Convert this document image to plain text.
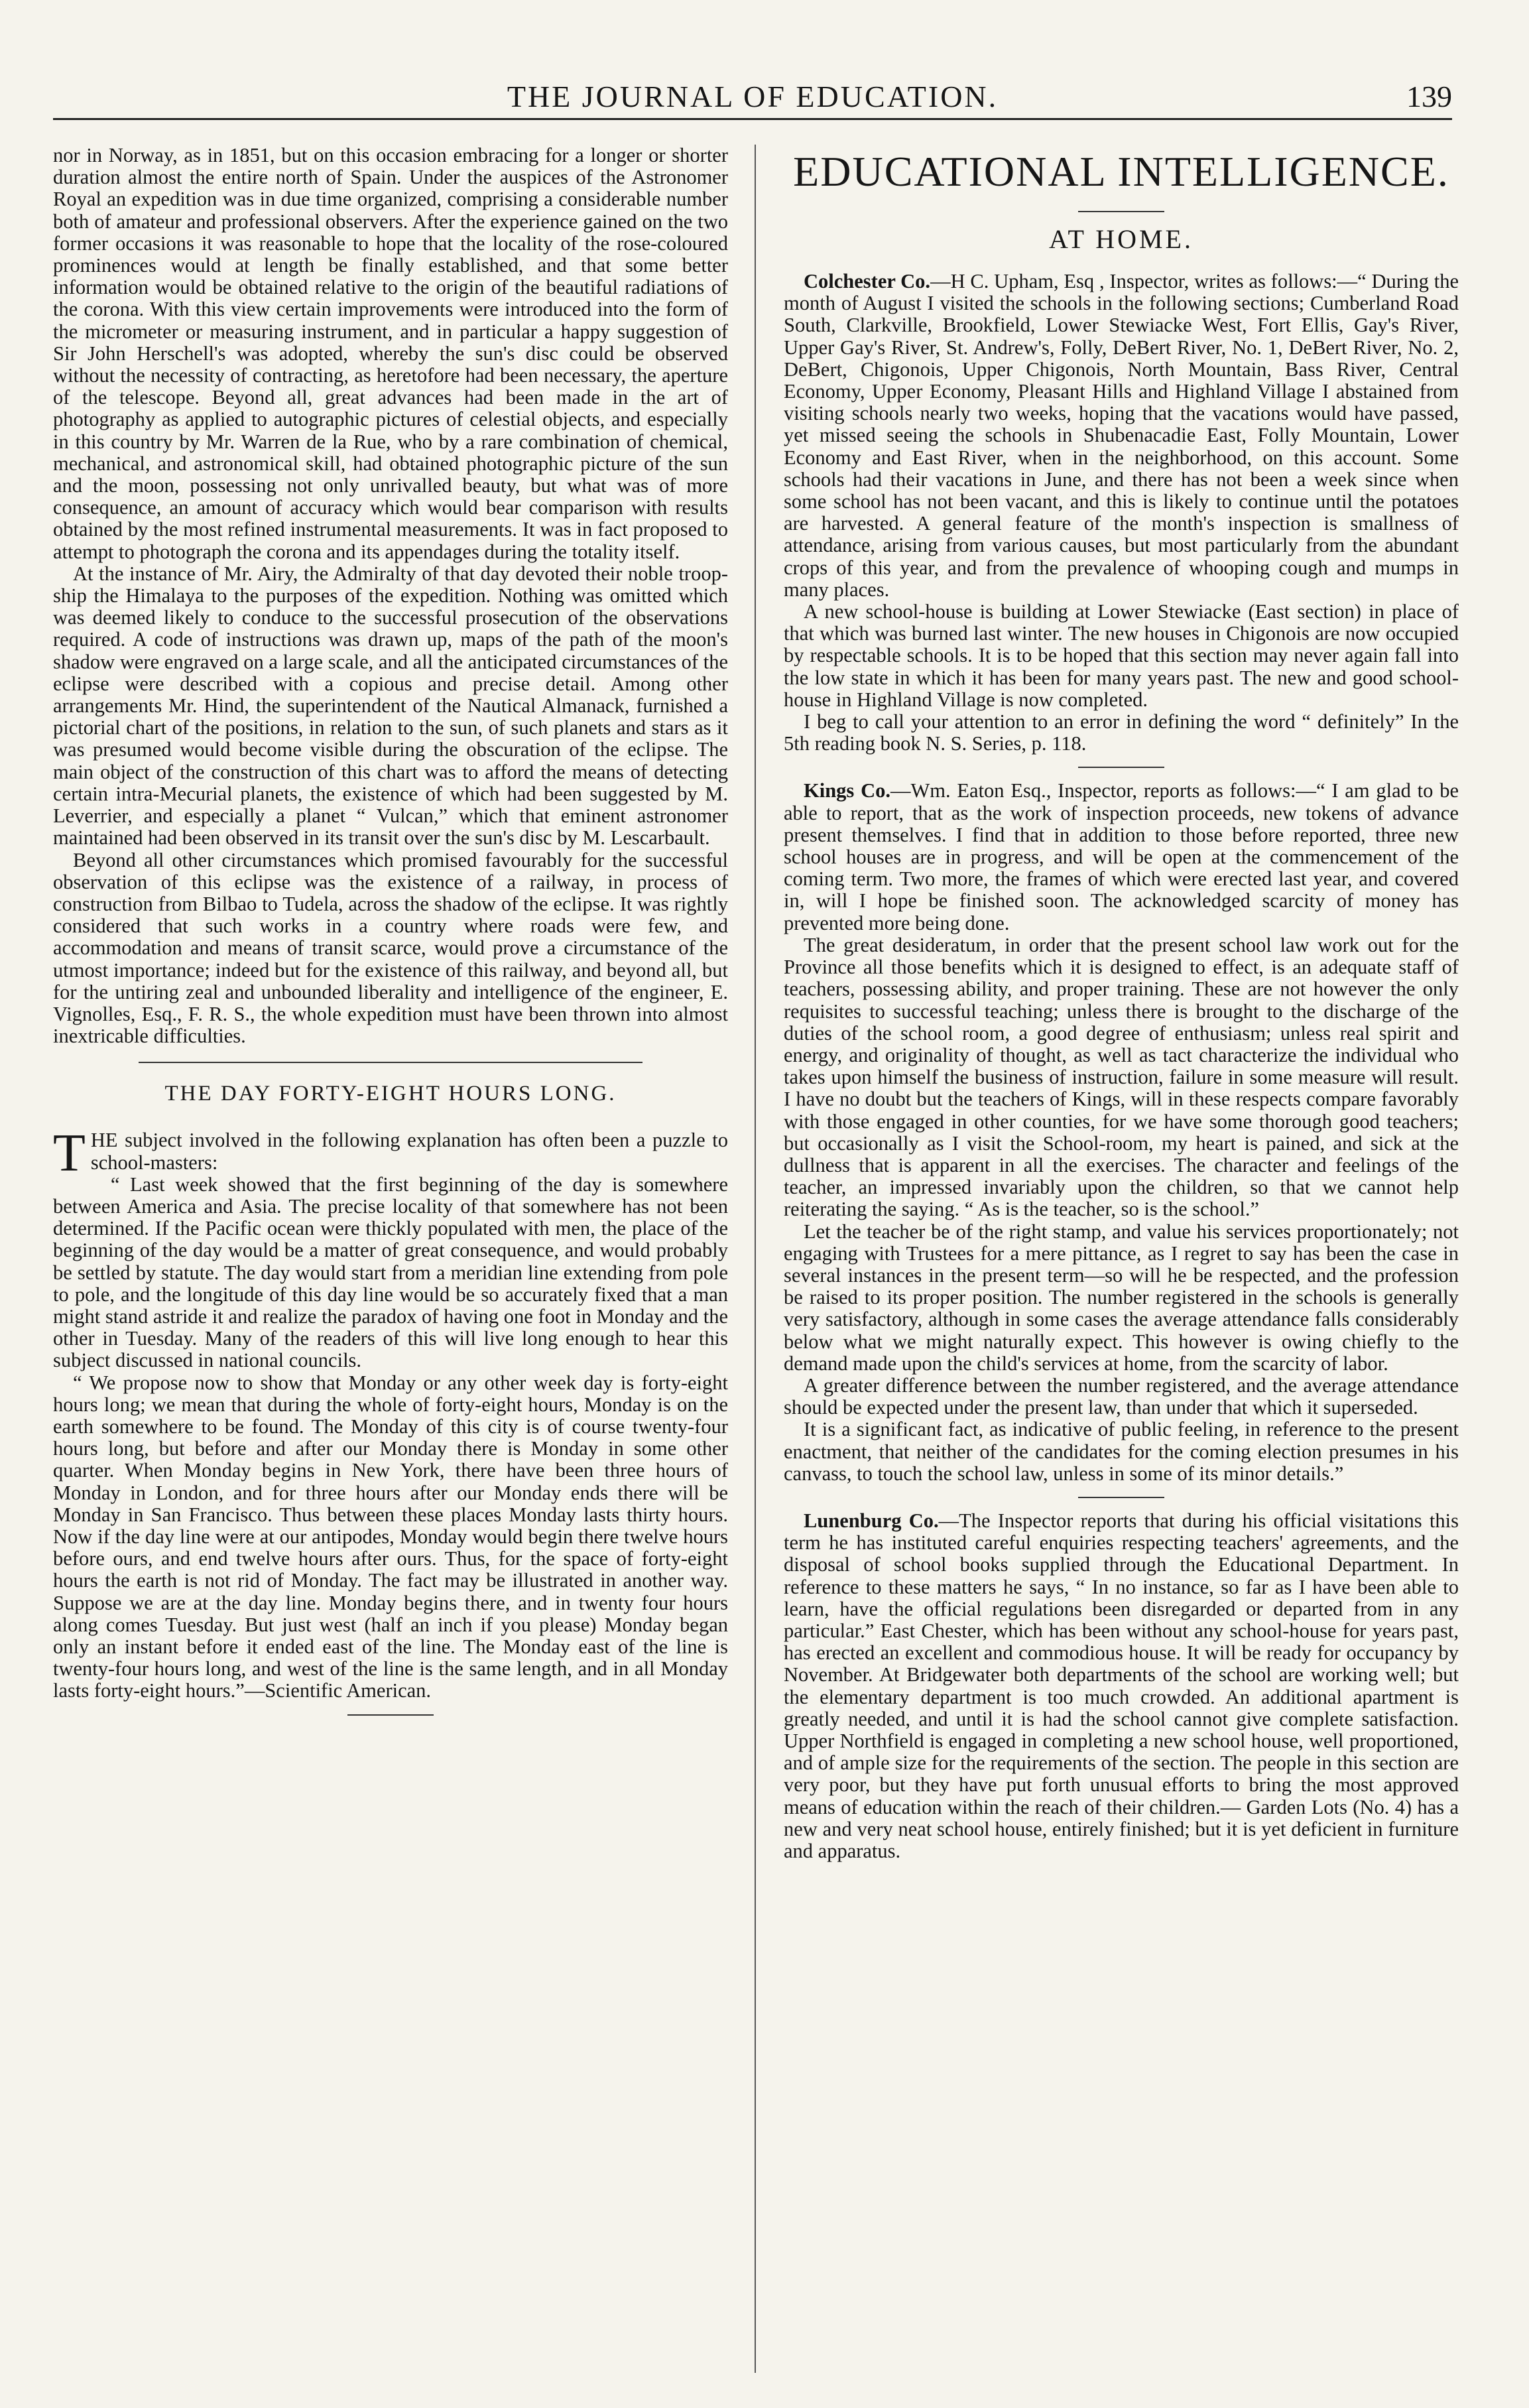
THE JOURNAL OF EDUCATION.	139

nor in Norway, as in 1851, but on this occasion embracing for a longer or shorter duration almost the entire north of Spain. Under the auspices of the Astronomer Royal an expedition was in due time organized, comprising a considerable number both of amateur and professional observers. After the experience gained on the two former occasions it was reasonable to hope that the locality of the rose-coloured prominences would at length be finally established, and that some better information would be obtained relative to the origin of the beautiful radiations of the corona. With this view certain improvements were introduced into the form of the micrometer or measuring instrument, and in particular a happy suggestion of Sir John Herschell's was adopted, whereby the sun's disc could be observed without the necessity of contracting, as heretofore had been necessary, the aperture of the telescope. Beyond all, great advances had been made in the art of photography as applied to autographic pictures of celestial objects, and especially in this country by Mr. Warren de la Rue, who by a rare combination of chemical, mechanical, and astronomical skill, had obtained photographic picture of the sun and the moon, possessing not only unrivalled beauty, but what was of more consequence, an amount of accuracy which would bear comparison with results obtained by the most refined instrumental measurements. It was in fact proposed to attempt to photograph the corona and its appendages during the totality itself.

At the instance of Mr. Airy, the Admiralty of that day devoted their noble troop-ship the Himalaya to the purposes of the expedition. Nothing was omitted which was deemed likely to conduce to the successful prosecution of the observations required. A code of instructions was drawn up, maps of the path of the moon's shadow were engraved on a large scale, and all the anticipated circumstances of the eclipse were described with a copious and precise detail. Among other arrangements Mr. Hind, the superintendent of the Nautical Almanack, furnished a pictorial chart of the positions, in relation to the sun, of such planets and stars as it was presumed would become visible during the obscuration of the eclipse. The main object of the construction of this chart was to afford the means of detecting certain intra-Mecurial planets, the existence of which had been suggested by M. Leverrier, and especially a planet “ Vulcan,” which that eminent astronomer maintained had been observed in its transit over the sun's disc by M. Lescarbault.

Beyond all other circumstances which promised favourably for the successful observation of this eclipse was the existence of a railway, in process of construction from Bilbao to Tudela, across the shadow of the eclipse. It was rightly considered that such works in a country where roads were few, and accommodation and means of transit scarce, would prove a circumstance of the utmost importance; indeed but for the existence of this railway, and beyond all, but for the untiring zeal and unbounded liberality and intelligence of the engineer, E. Vignolles, Esq., F. R. S., the whole expedition must have been thrown into almost inextricable difficulties.

THE DAY FORTY-EIGHT HOURS LONG.

THE subject involved in the following explanation has often been a puzzle to school-masters:

“ Last week showed that the first beginning of the day is somewhere between America and Asia. The precise locality of that somewhere has not been determined. If the Pacific ocean were thickly populated with men, the place of the beginning of the day would be a matter of great consequence, and would probably be settled by statute. The day would start from a meridian line extending from pole to pole, and the longitude of this day line would be so accurately fixed that a man might stand astride it and realize the paradox of having one foot in Monday and the other in Tuesday. Many of the readers of this will live long enough to hear this subject discussed in national councils.

“ We propose now to show that Monday or any other week day is forty-eight hours long; we mean that during the whole of forty-eight hours, Monday is on the earth somewhere to be found. The Monday of this city is of course twenty-four hours long, but before and after our Monday there is Monday in some other quarter. When Monday begins in New York, there have been three hours of Monday in London, and for three hours after our Monday ends there will be Monday in San Francisco. Thus between these places Monday lasts thirty hours. Now if the day line were at our antipodes, Monday would begin there twelve hours before ours, and end twelve hours after ours. Thus, for the space of forty-eight hours the earth is not rid of Monday. The fact may be illustrated in another way. Suppose we are at the day line. Monday begins there, and in twenty four hours along comes Tuesday. But just west (half an inch if you please) Monday began only an instant before it ended east of the line. The Monday east of the line is twenty-four hours long, and west of the line is the same length, and in all Monday lasts forty-eight hours.”—Scientific American.

EDUCATIONAL INTELLIGENCE.
AT HOME.

Colchester Co.—H C. Upham, Esq , Inspector, writes as follows:—“ During the month of August I visited the schools in the following sections; Cumberland Road South, Clarkville, Brookfield, Lower Stewiacke West, Fort Ellis, Gay's River, Upper Gay's River, St. Andrew's, Folly, DeBert River, No. 1, DeBert River, No. 2, DeBert, Chigonois, Upper Chigonois, North Mountain, Bass River, Central Economy, Upper Economy, Pleasant Hills and Highland Village I abstained from visiting schools nearly two weeks, hoping that the vacations would have passed, yet missed seeing the schools in Shubenacadie East, Folly Mountain, Lower Economy and East River, when in the neighborhood, on this account. Some schools had their vacations in June, and there has not been a week since when some school has not been vacant, and this is likely to continue until the potatoes are harvested. A general feature of the month's inspection is smallness of attendance, arising from various causes, but most particularly from the abundant crops of this year, and from the prevalence of whooping cough and mumps in many places.

A new school-house is building at Lower Stewiacke (East section) in place of that which was burned last winter. The new houses in Chigonois are now occupied by respectable schools. It is to be hoped that this section may never again fall into the low state in which it has been for many years past. The new and good school-house in Highland Village is now completed.

I beg to call your attention to an error in defining the word “ definitely” In the 5th reading book N. S. Series, p. 118.

Kings Co.—Wm. Eaton Esq., Inspector, reports as follows:—“ I am glad to be able to report, that as the work of inspection proceeds, new tokens of advance present themselves. I find that in addition to those before reported, three new school houses are in progress, and will be open at the commencement of the coming term. Two more, the frames of which were erected last year, and covered in, will I hope be finished soon. The acknowledged scarcity of money has prevented more being done.

The great desideratum, in order that the present school law work out for the Province all those benefits which it is designed to effect, is an adequate staff of teachers, possessing ability, and proper training. These are not however the only requisites to successful teaching; unless there is brought to the discharge of the duties of the school room, a good degree of enthusiasm; unless real spirit and energy, and originality of thought, as well as tact characterize the individual who takes upon himself the business of instruction, failure in some measure will result. I have no doubt but the teachers of Kings, will in these respects compare favorably with those engaged in other counties, for we have some thorough good teachers; but occasionally as I visit the School-room, my heart is pained, and sick at the dullness that is apparent in all the exercises. The character and feelings of the teacher, an impressed invariably upon the children, so that we cannot help reiterating the saying. “ As is the teacher, so is the school.”

Let the teacher be of the right stamp, and value his services proportionately; not engaging with Trustees for a mere pittance, as I regret to say has been the case in several instances in the present term—so will he be respected, and the profession be raised to its proper position. The number registered in the schools is generally very satisfactory, although in some cases the average attendance falls considerably below what we might naturally expect. This however is owing chiefly to the demand made upon the child's services at home, from the scarcity of labor.

A greater difference between the number registered, and the average attendance should be expected under the present law, than under that which it superseded.

It is a significant fact, as indicative of public feeling, in reference to the present enactment, that neither of the candidates for the coming election presumes in his canvass, to touch the school law, unless in some of its minor details.”

Lunenburg Co.—The Inspector reports that during his official visitations this term he has instituted careful enquiries respecting teachers' agreements, and the disposal of school books supplied through the Educational Department. In reference to these matters he says, “ In no instance, so far as I have been able to learn, have the official regulations been disregarded or departed from in any particular.” East Chester, which has been without any school-house for years past, has erected an excellent and commodious house. It will be ready for occupancy by November. At Bridgewater both departments of the school are working well; but the elementary department is too much crowded. An additional apartment is greatly needed, and until it is had the school cannot give complete satisfaction. Upper Northfield is engaged in completing a new school house, well proportioned, and of ample size for the requirements of the section. The people in this section are very poor, but they have put forth unusual efforts to bring the most approved means of education within the reach of their children.— Garden Lots (No. 4) has a new and very neat school house, entirely finished; but it is yet deficient in furniture and apparatus.
